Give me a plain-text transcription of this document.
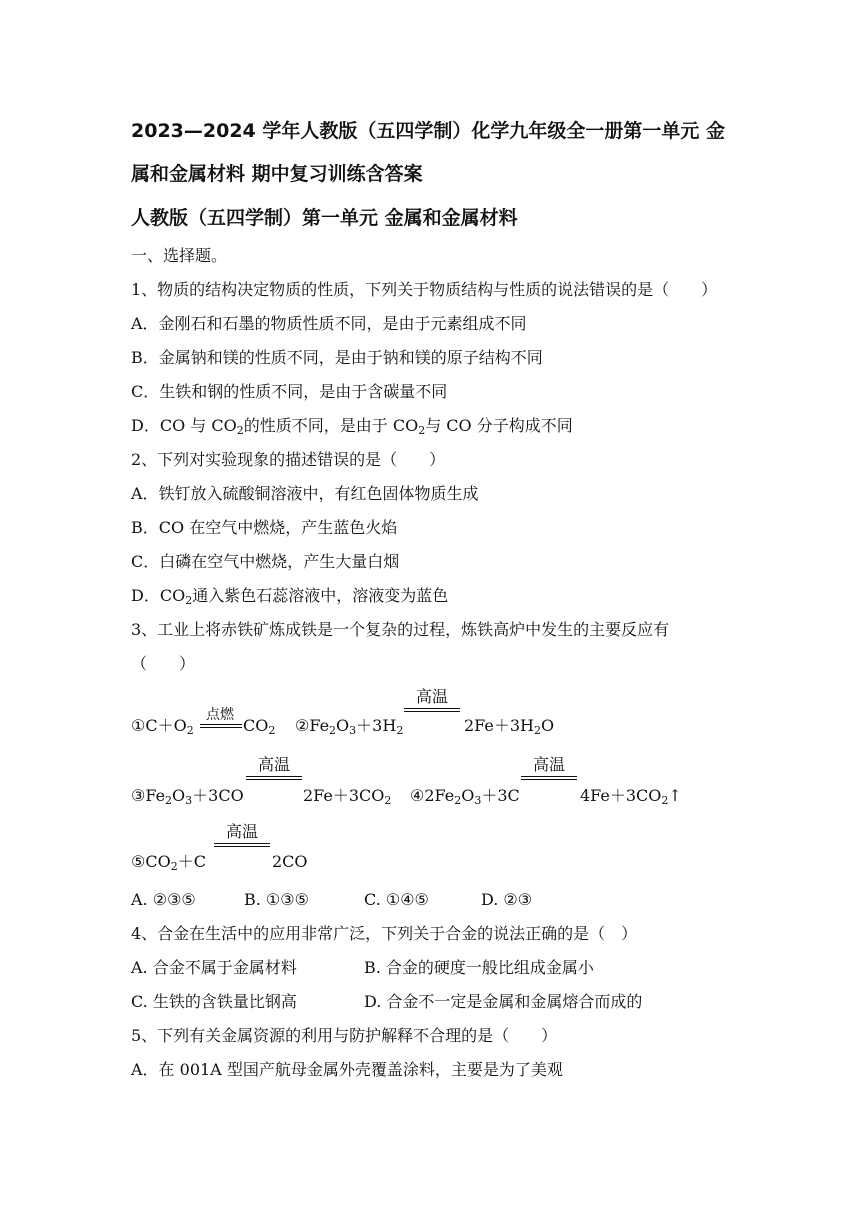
2023—2024 学年人教版（五四学制）化学九年级全一册第一单元 金
属和金属材料 期中复习训练含答案
人教版（五四学制）第一单元 金属和金属材料
一、选择题。
1、物质的结构决定物质的性质，下列关于物质结构与性质的说法错误的是（　　）
A．金刚石和石墨的物质性质不同，是由于元素组成不同
B．金属钠和镁的性质不同，是由于钠和镁的原子结构不同
C．生铁和钢的性质不同，是由于含碳量不同
D．CO 与 $CO_2$的性质不同，是由于 $CO_2$与 CO 分子构成不同
2、下列对实验现象的描述错误的是（　　）
A．铁钉放入硫酸铜溶液中，有红色固体物质生成
B．CO 在空气中燃烧，产生蓝色火焰
C．白磷在空气中燃烧，产生大量白烟
D．$CO_2$通入紫色石蕊溶液中，溶液变为蓝色
3、工业上将赤铁矿炼成铁是一个复杂的过程，炼铁高炉中发生的主要反应有
（　　）
$①C+O_2$
点燃
$CO_2$ $②Fe_2O_3+3H_2$
高温
$2Fe+3H_2O$
$③Fe_2O_3+3CO$
高温
$2Fe+3CO_2$ $④2Fe_2O_3+3C$
高温
$4Fe+3CO_2↑$
$⑤CO_2+C$
高温
2CO
A. ②③⑤	B. ①③⑤	C. ①④⑤	D. ②③
4、合金在生活中的应用非常广泛，下列关于合金的说法正确的是（　）
A. 合金不属于金属材料	B. 合金的硬度一般比组成金属小
C. 生铁的含铁量比钢高	D. 合金不一定是金属和金属熔合而成的
5、下列有关金属资源的利用与防护解释不合理的是（　　）
A．在 001A 型国产航母金属外壳覆盖涂料，主要是为了美观
